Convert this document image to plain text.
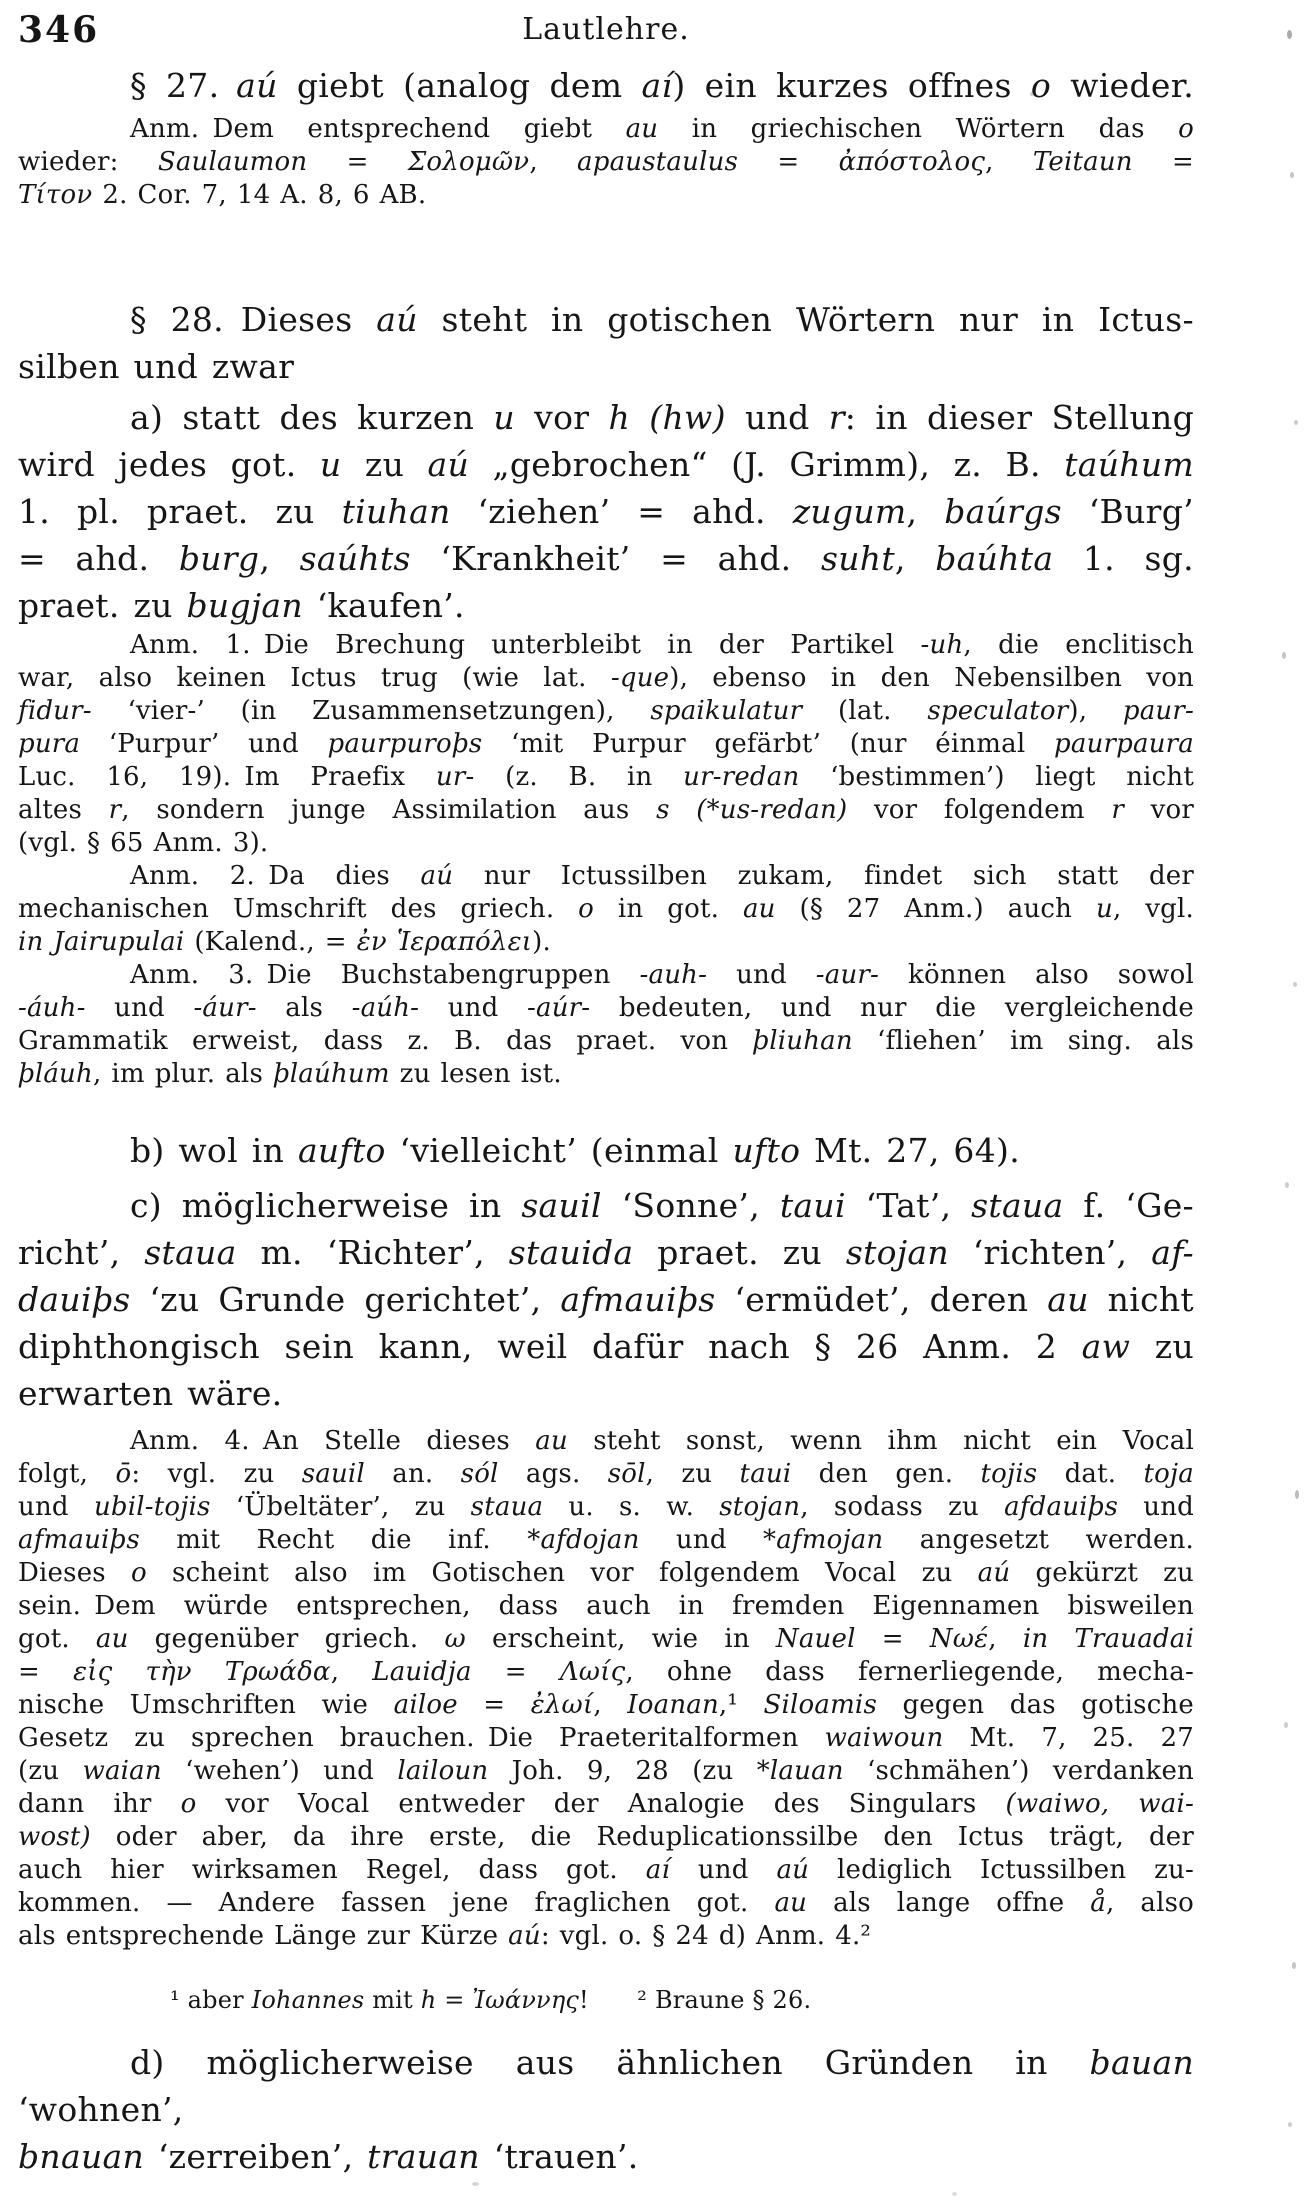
346	Lautlehre.
§ 27. aú giebt (analog dem aí) ein kurzes offnes o wieder.
Anm. Dem entsprechend giebt au in griechischen Wörtern das o
wieder: Saulaumon = Σολομῶν, apaustaulus = ἀπόστολος, Teitaun =
Τίτον 2. Cor. 7, 14 A. 8, 6 AB.
§ 28. Dieses aú steht in gotischen Wörtern nur in Ictus-
silben und zwar
a) statt des kurzen u vor h (hw) und r: in dieser Stellung
wird jedes got. u zu aú „gebrochen“ (J. Grimm), z. B. taúhum
1. pl. praet. zu tiuhan ‘ziehen’ = ahd. zugum, baúrgs ‘Burg’
= ahd. burg, saúhts ‘Krankheit’ = ahd. suht, baúhta 1. sg.
praet. zu bugjan ‘kaufen’.
Anm. 1. Die Brechung unterbleibt in der Partikel -uh, die enclitisch
war, also keinen Ictus trug (wie lat. -que), ebenso in den Nebensilben von
fidur- ‘vier-’ (in Zusammensetzungen), spaikulatur (lat. speculator), paur-
pura ‘Purpur’ und paurpuroþs ‘mit Purpur gefärbt’ (nur éinmal paurpaura
Luc. 16, 19). Im Praefix ur- (z. B. in ur-redan ‘bestimmen’) liegt nicht
altes r, sondern junge Assimilation aus s (*us-redan) vor folgendem r vor
(vgl. § 65 Anm. 3).
Anm. 2. Da dies aú nur Ictussilben zukam, findet sich statt der
mechanischen Umschrift des griech. o in got. au (§ 27 Anm.) auch u, vgl.
in Jairupulai (Kalend., = ἐν Ἱεραπόλει).
Anm. 3. Die Buchstabengruppen -auh- und -aur- können also sowol
-áuh- und -áur- als -aúh- und -aúr- bedeuten, und nur die vergleichende
Grammatik erweist, dass z. B. das praet. von þliuhan ‘fliehen’ im sing. als
þláuh, im plur. als þlaúhum zu lesen ist.
b) wol in aufto ‘vielleicht’ (einmal ufto Mt. 27, 64).
c) möglicherweise in sauil ‘Sonne’, taui ‘Tat’, staua f. ‘Ge-
richt’, staua m. ‘Richter’, stauida praet. zu stojan ‘richten’, af-
dauiþs ‘zu Grunde gerichtet’, afmauiþs ‘ermüdet’, deren au nicht
diphthongisch sein kann, weil dafür nach § 26 Anm. 2 aw zu
erwarten wäre.
Anm. 4. An Stelle dieses au steht sonst, wenn ihm nicht ein Vocal
folgt, ō: vgl. zu sauil an. sól ags. sōl, zu taui den gen. tojis dat. toja
und ubil-tojis ‘Übeltäter’, zu staua u. s. w. stojan, sodass zu afdauiþs und
afmauiþs mit Recht die inf. *afdojan und *afmojan angesetzt werden.
Dieses o scheint also im Gotischen vor folgendem Vocal zu aú gekürzt zu
sein. Dem würde entsprechen, dass auch in fremden Eigennamen bisweilen
got. au gegenüber griech. ω erscheint, wie in Nauel = Νωέ, in Trauadai
= εἰς τὴν Τρωάδα, Lauidja = Λωίς, ohne dass fernerliegende, mecha-
nische Umschriften wie ailoe = ἐλωί, Ioanan,¹ Siloamis gegen das gotische
Gesetz zu sprechen brauchen. Die Praeteritalformen waiwoun Mt. 7, 25. 27
(zu waian ‘wehen’) und lailoun Joh. 9, 28 (zu *lauan ‘schmähen’) verdanken
dann ihr o vor Vocal entweder der Analogie des Singulars (waiwo, wai-
wost) oder aber, da ihre erste, die Reduplicationssilbe den Ictus trägt, der
auch hier wirksamen Regel, dass got. aí und aú lediglich Ictussilben zu-
kommen. — Andere fassen jene fraglichen got. au als lange offne å, also
als entsprechende Länge zur Kürze aú: vgl. o. § 24 d) Anm. 4.²
¹ aber Iohannes mit h = Ἰωάννης!  ² Braune § 26.
d) möglicherweise aus ähnlichen Gründen in bauan ‘wohnen’,
bnauan ‘zerreiben’, trauan ‘trauen’.
